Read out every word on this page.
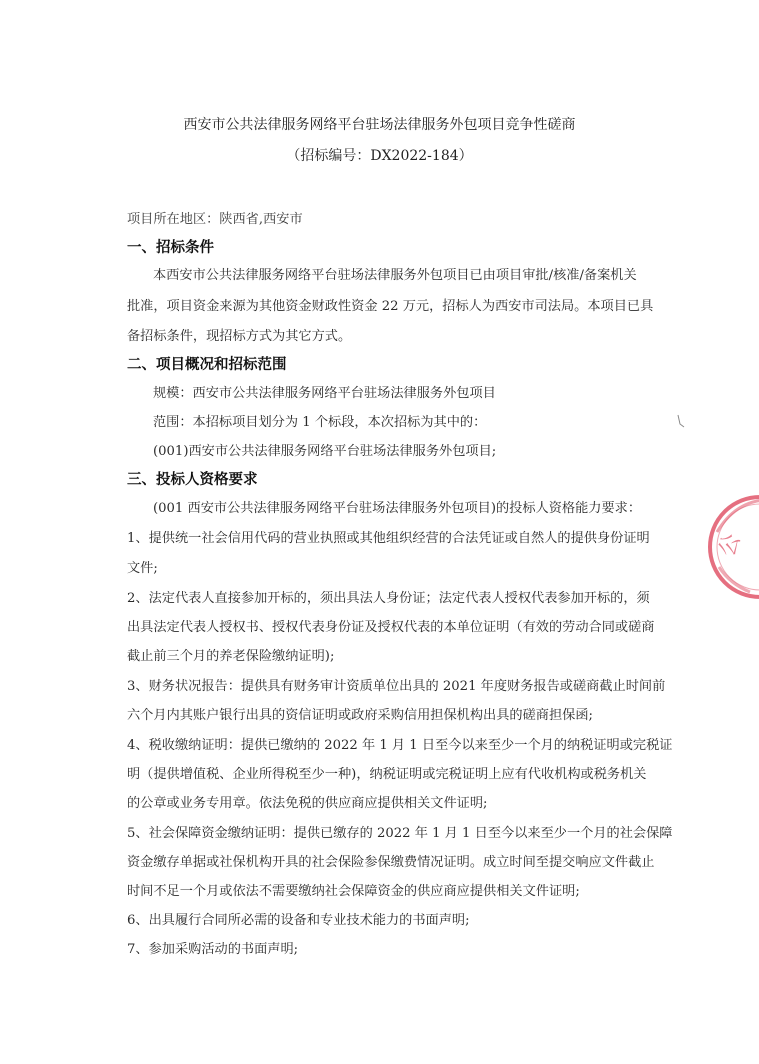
西安市公共法律服务网络平台驻场法律服务外包项目竞争性磋商
（招标编号：DX2022-184）
项目所在地区：陕西省,西安市
一、招标条件
本西安市公共法律服务网络平台驻场法律服务外包项目已由项目审批/核准/备案机关
批准，项目资金来源为其他资金财政性资金 22 万元，招标人为西安市司法局。本项目已具
备招标条件，现招标方式为其它方式。
二、项目概况和招标范围
规模：西安市公共法律服务网络平台驻场法律服务外包项目
范围：本招标项目划分为 1 个标段，本次招标为其中的：
(001)西安市公共法律服务网络平台驻场法律服务外包项目;
三、投标人资格要求
(001 西安市公共法律服务网络平台驻场法律服务外包项目)的投标人资格能力要求：
1、提供统一社会信用代码的营业执照或其他组织经营的合法凭证或自然人的提供身份证明
文件;
2、法定代表人直接参加开标的，须出具法人身份证；法定代表人授权代表参加开标的，须
出具法定代表人授权书、授权代表身份证及授权代表的本单位证明（有效的劳动合同或磋商
截止前三个月的养老保险缴纳证明);
3、财务状况报告：提供具有财务审计资质单位出具的 2021 年度财务报告或磋商截止时间前
六个月内其账户银行出具的资信证明或政府采购信用担保机构出具的磋商担保函;
4、税收缴纳证明：提供已缴纳的 2022 年 1 月 1 日至今以来至少一个月的纳税证明或完税证
明（提供增值税、企业所得税至少一种)，纳税证明或完税证明上应有代收机构或税务机关
的公章或业务专用章。依法免税的供应商应提供相关文件证明;
5、社会保障资金缴纳证明：提供已缴存的 2022 年 1 月 1 日至今以来至少一个月的社会保障
资金缴存单据或社保机构开具的社会保险参保缴费情况证明。成立时间至提交响应文件截止
时间不足一个月或依法不需要缴纳社会保障资金的供应商应提供相关文件证明;
6、出具履行合同所必需的设备和专业技术能力的书面声明;
7、参加采购活动的书面声明;
公
